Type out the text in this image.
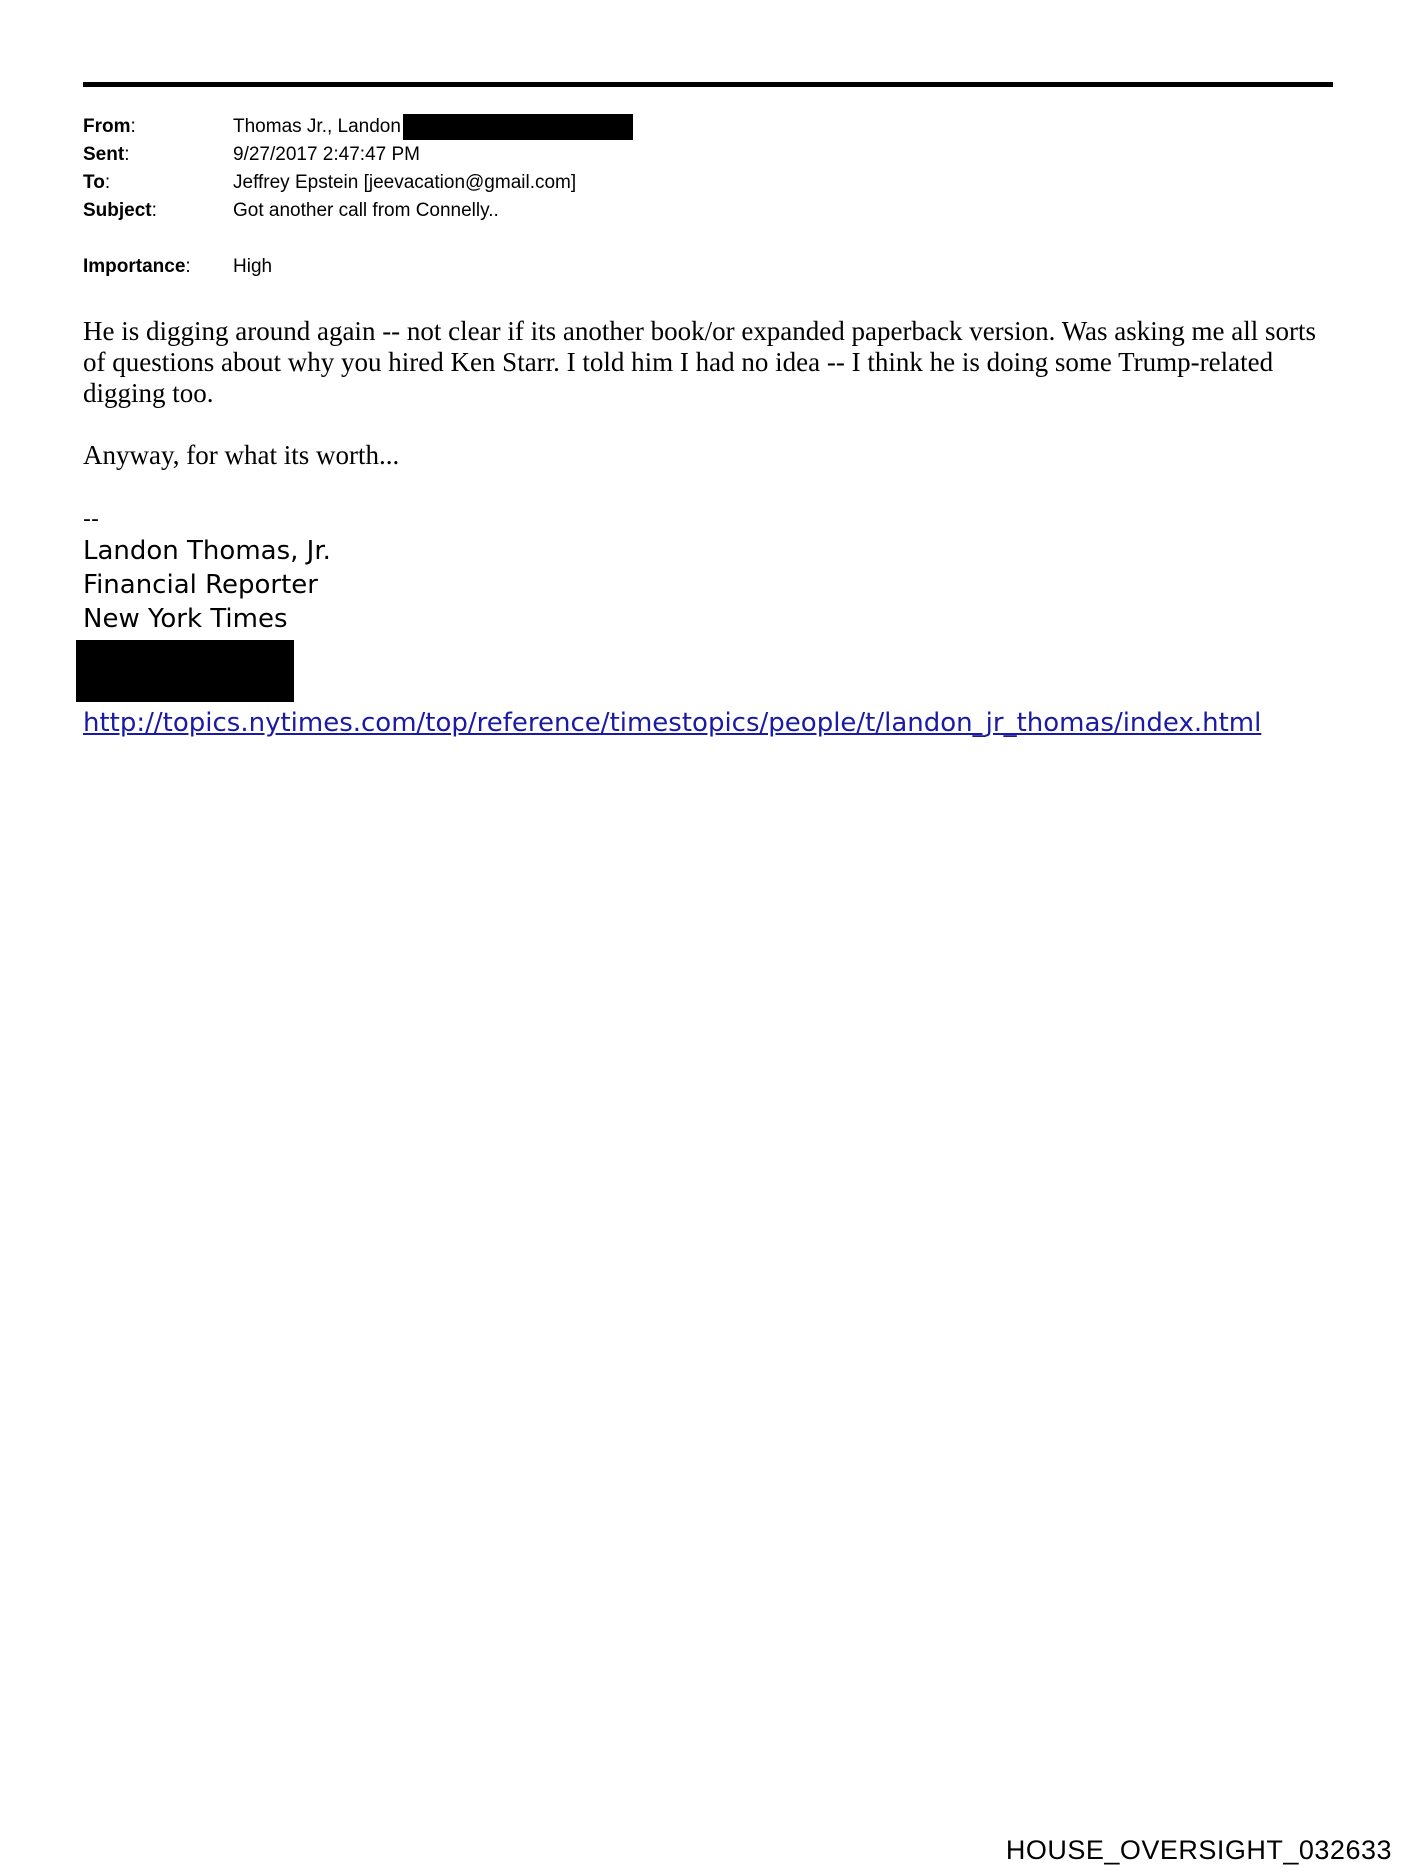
From:	Thomas Jr., Landon
Sent:	9/27/2017 2:47:47 PM
To:	Jeffrey Epstein [jeevacation@gmail.com]
Subject:	Got another call from Connelly..
Importance:	High

He is digging around again -- not clear if its another book/or expanded paperback version. Was asking me all sorts of questions about why you hired Ken Starr. I told him I had no idea -- I think he is doing some Trump-related digging too.

Anyway, for what its worth...

--
Landon Thomas, Jr.
Financial Reporter
New York Times
http://topics.nytimes.com/top/reference/timestopics/people/t/landon_jr_thomas/index.html
HOUSE_OVERSIGHT_032633
